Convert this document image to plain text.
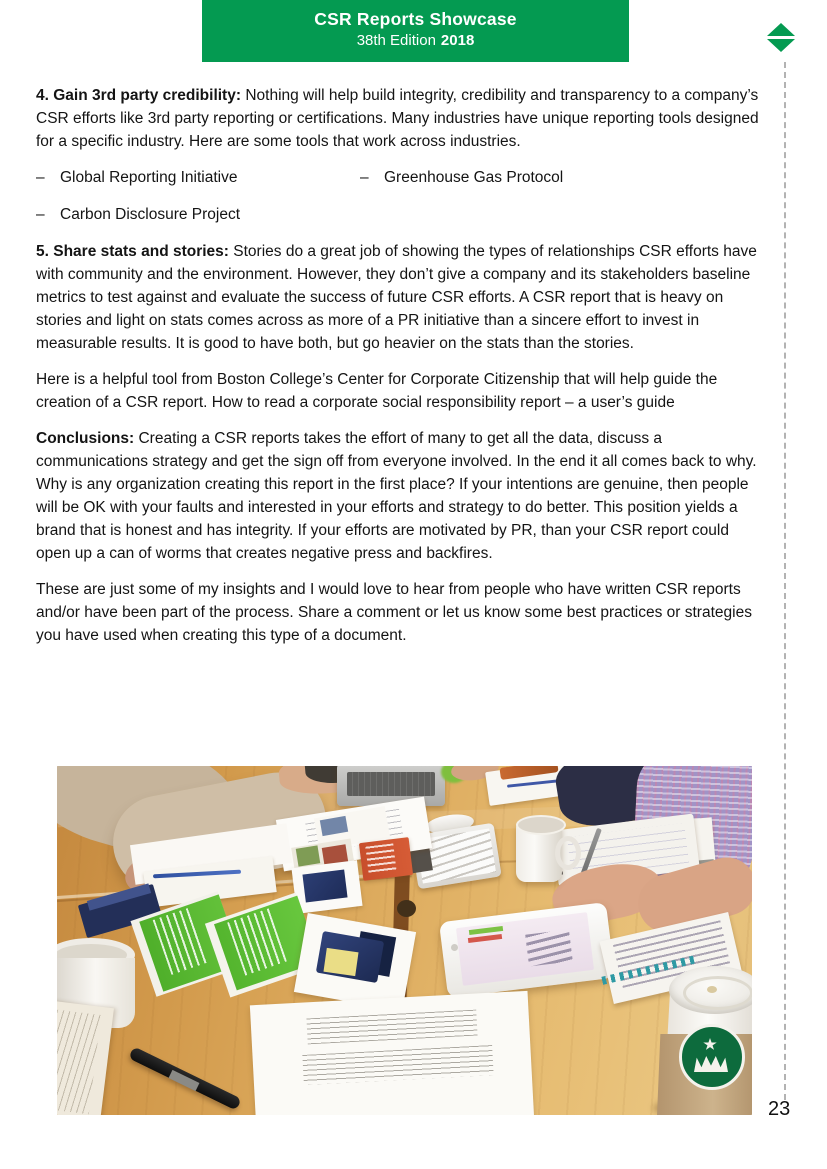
CSR Reports Showcase
38th Edition 2018

4. Gain 3rd party credibility: Nothing will help build integrity, credibility and transparency to a company’s CSR efforts like 3rd party reporting or certifications. Many industries have unique reporting tools designed for a specific industry. Here are some tools that work across industries.

– Global Reporting Initiative	– Greenhouse Gas Protocol
– Carbon Disclosure Project

5. Share stats and stories: Stories do a great job of showing the types of relationships CSR efforts have with community and the environment. However, they don’t give a company and its stakeholders baseline metrics to test against and evaluate the success of future CSR efforts. A CSR report that is heavy on stories and light on stats comes across as more of a PR initiative than a sincere effort to invest in measurable results. It is good to have both, but go heavier on the stats than the stories.

Here is a helpful tool from Boston College’s Center for Corporate Citizenship that will help guide the creation of a CSR report. How to read a corporate social responsibility report – a user’s guide

Conclusions: Creating a CSR reports takes the effort of many to get all the data, discuss a communications strategy and get the sign off from everyone involved. In the end it all comes back to why. Why is any organization creating this report in the first place? If your intentions are genuine, then people will be OK with your faults and interested in your efforts and strategy to do better. This position yields a brand that is honest and has integrity. If your efforts are motivated by PR, than your CSR report could open up a can of worms that creates negative press and backfires.

These are just some of my insights and I would love to hear from people who have written CSR reports and/or have been part of the process. Share a comment or let us know some best practices or strategies you have used when creating this type of a document.

23
